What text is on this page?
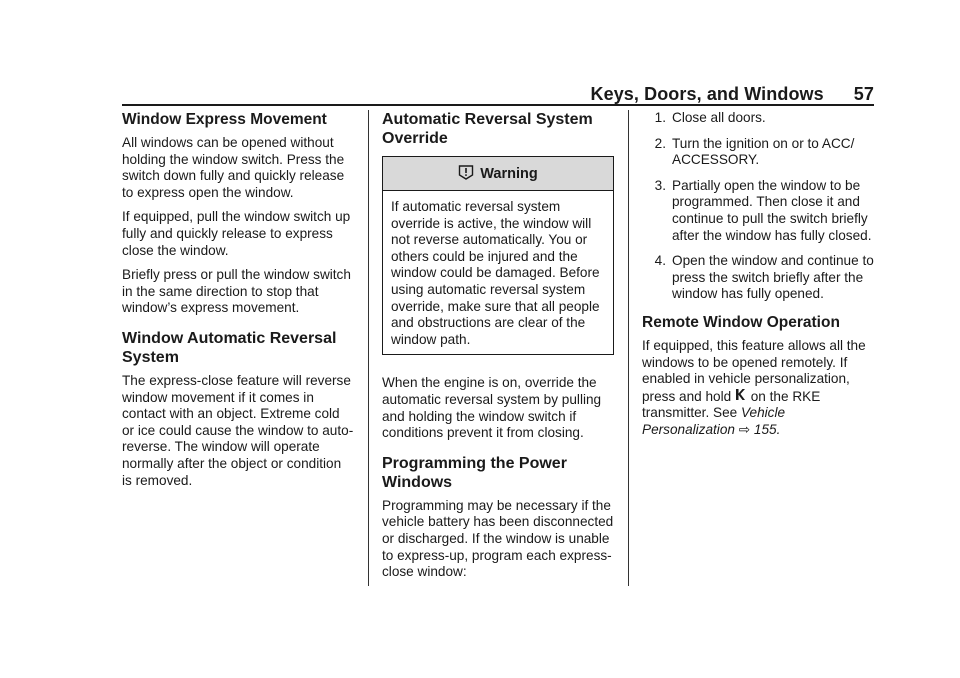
Keys, Doors, and Windows 57
Window Express Movement

All windows can be opened without holding the window switch. Press the switch down fully and quickly release to express open the window.

If equipped, pull the window switch up fully and quickly release to express close the window.

Briefly press or pull the window switch in the same direction to stop that window’s express movement.

Window Automatic Reversal System

The express-close feature will reverse window movement if it comes in contact with an object. Extreme cold or ice could cause the window to auto-reverse. The window will operate normally after the object or condition is removed.

Automatic Reversal System Override
Warning

If automatic reversal system override is active, the window will not reverse automatically. You or others could be injured and the window could be damaged. Before using automatic reversal system override, make sure that all people and obstructions are clear of the window path.

When the engine is on, override the automatic reversal system by pulling and holding the window switch if conditions prevent it from closing.

Programming the Power Windows

Programming may be necessary if the vehicle battery has been disconnected or discharged. If the window is unable to express-up, program each express-close window:

1. Close all doors.
2. Turn the ignition on or to ACC/ ACCESSORY.
3. Partially open the window to be programmed. Then close it and continue to pull the switch briefly after the window has fully closed.
4. Open the window and continue to press the switch briefly after the window has fully opened.
Remote Window Operation

If equipped, this feature allows all the windows to be opened remotely. If enabled in vehicle personalization, press and hold on the RKE transmitter. See Vehicle Personalization ⇨ 155.
